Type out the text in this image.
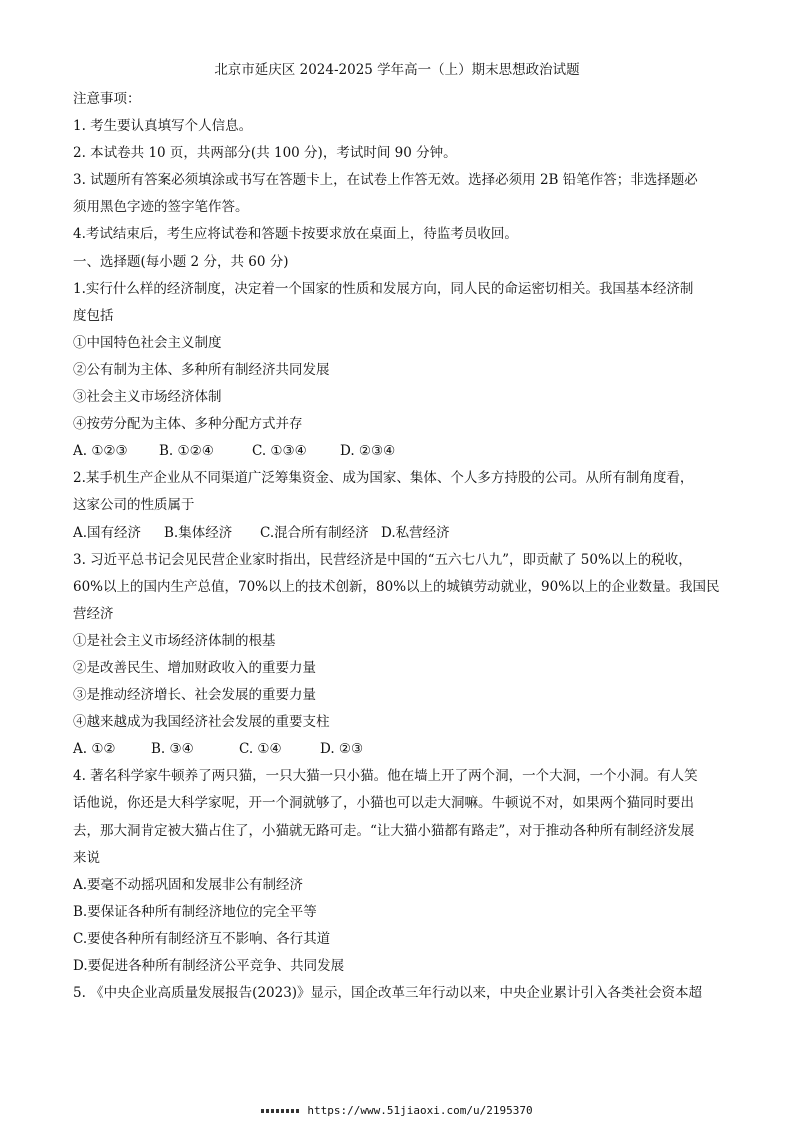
北京市延庆区 2024-2025 学年高一（上）期末思想政治试题
注意事项：
1. 考生要认真填写个人信息。
2. 本试卷共 10 页，共两部分(共 100 分)，考试时间 90 分钟。
3. 试题所有答案必须填涂或书写在答题卡上，在试卷上作答无效。选择必须用 2B 铅笔作答；非选择题必
须用黑色字迹的签字笔作答。
4.考试结束后，考生应将试卷和答题卡按要求放在桌面上，待监考员收回。
一、选择题(每小题 2 分，共 60 分)
1.实行什么样的经济制度，决定着一个国家的性质和发展方向，同人民的命运密切相关。我国基本经济制
度包括
①中国特色社会主义制度
②公有制为主体、多种所有制经济共同发展
③社会主义市场经济体制
④按劳分配为主体、多种分配方式并存
A. ①②③	B. ①②④	C. ①③④	D. ②③④
2.某手机生产企业从不同渠道广泛筹集资金、成为国家、集体、个人多方持股的公司。从所有制角度看，
这家公司的性质属于
A.国有经济	B.集体经济	C.混合所有制经济 D.私营经济
3. 习近平总书记会见民营企业家时指出，民营经济是中国的“五六七八九”，即贡献了 50%以上的税收，
60%以上的国内生产总值，70%以上的技术创新，80%以上的城镇劳动就业，90%以上的企业数量。我国民
营经济
①是社会主义市场经济体制的根基
②是改善民生、增加财政收入的重要力量
③是推动经济增长、社会发展的重要力量
④越来越成为我国经济社会发展的重要支柱
A. ①②	B. ③④	C. ①④	D. ②③
4. 著名科学家牛顿养了两只猫，一只大猫一只小猫。他在墙上开了两个洞，一个大洞，一个小洞。有人笑
话他说，你还是大科学家呢，开一个洞就够了，小猫也可以走大洞嘛。牛顿说不对，如果两个猫同时要出
去，那大洞肯定被大猫占住了，小猫就无路可走。“让大猫小猫都有路走”，对于推动各种所有制经济发展
来说
A.要毫不动摇巩固和发展非公有制经济
B.要保证各种所有制经济地位的完全平等
C.要使各种所有制经济互不影响、各行其道
D.要促进各种所有制经济公平竞争、共同发展
5. 《中央企业高质量发展报告(2023)》显示，国企改革三年行动以来，中央企业累计引入各类社会资本超
https://www.51jiaoxi.com/u/2195370
